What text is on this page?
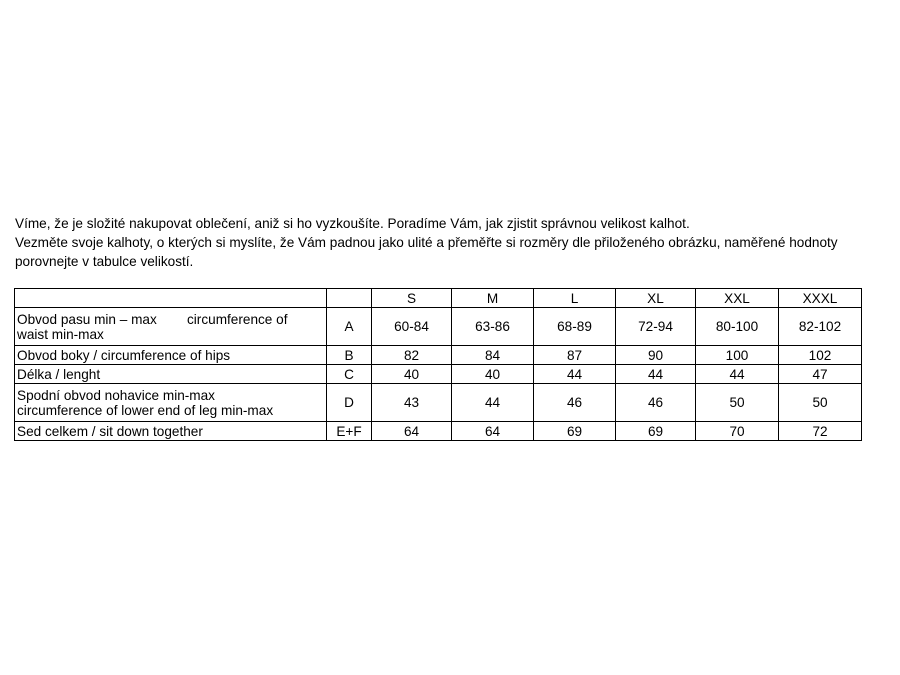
Víme, že je složité nakupovat oblečení, aniž si ho vyzkoušíte. Poradíme Vám, jak zjistit správnou velikost kalhot.
Vezměte svoje kalhoty, o kterých si myslíte, že Vám padnou jako ulité a přeměřte si rozměry dle přiloženého obrázku, naměřené hodnoty
porovnejte v tabulce velikostí.
		S	M	L	XL	XXL	XXXL

Obvod pasu min – max        circumference of
waist min-max	A	60-84	63-86	68-89	72-94	80-100	82-102
Obvod boky / circumference of hips	B	82	84	87	90	100	102
Délka / lenght	C	40	40	44	44	44	47

Spodní obvod nohavice min-max
circumference of lower end of leg min-max	D	43	44	46	46	50	50
Sed celkem / sit down together	E+F	64	64	69	69	70	72
